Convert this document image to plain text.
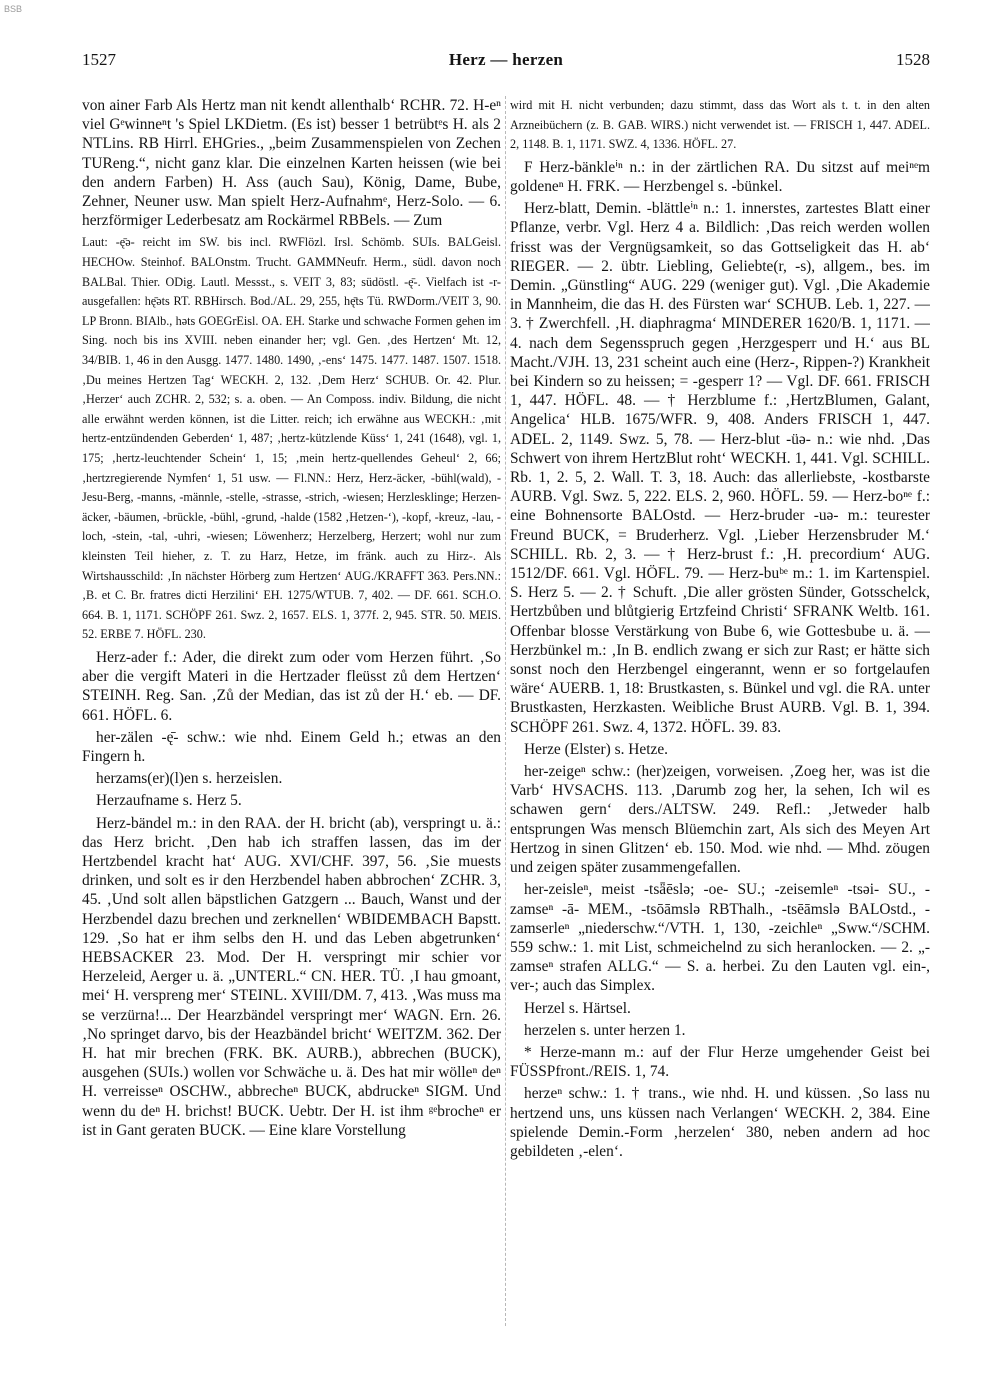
BSB
1527	Herz — herzen	1528

von ainer Farb Als Hertz man nit kendt allenthalb‘ RCHR. 72. H-eⁿ viel Gᵉwinneⁿt 's Spiel LKDietm. (Es ist) besser 1 betrübtᵉs H. als 2 NTLins. RB Hirrl. EHGries., „beim Zusammenspielen von Zechen TUReng.“, nicht ganz klar. Die einzelnen Karten heissen (wie bei den andern Farben) H. Ass (auch Sau), König, Dame, Bube, Zehner, Neuner usw. Man spielt Herz-Aufnahmᵉ, Herz-Solo. — 6. herzförmiger Lederbesatz am Rockärmel RBBels. — Zum

Laut: -ę̄ə- reicht im SW. bis incl. RWFlözl. Irsl. Schömb. SUIs. BALGeisl. HECHOw. Steinhof. BALOnstm. Trucht. GAMMNeufr. Herm., südl. davon noch BALBal. Thier. ODig. Lautl. Messst., s. VEIT 3, 83; südöstl. -ę̄-. Vielfach ist -r- ausgefallen: hę̄əts RT. RBHirsch. Bod./AL. 29, 255, hę̄ts Tü. RWDorm./VEIT 3, 90. LP Bronn. BIAlb., həts GOEGrEisl. OA. EH. Starke und schwache Formen gehen im Sing. noch bis ins XVIII. neben einander her; vgl. Gen. ‚des Hertzen‘ Mt. 12, 34/BIB. 1, 46 in den Ausgg. 1477. 1480. 1490, ‚-ens‘ 1475. 1477. 1487. 1507. 1518. ‚Du meines Hertzen Tag‘ WECKH. 2, 132. ‚Dem Herz‘ SCHUB. Or. 42. Plur. ‚Herzer‘ auch ZCHR. 2, 532; s. a. oben. — An Composs. indiv. Bildung, die nicht alle erwähnt werden können, ist die Litter. reich; ich erwähne aus WECKH.: ‚mit hertz-entzündenden Geberden‘ 1, 487; ‚hertz-kützlende Küss‘ 1, 241 (1648), vgl. 1, 175; ‚hertz-leuchtender Schein‘ 1, 15; ‚mein hertz-quellendes Geheul‘ 2, 66; ‚hertzregierende Nymfen‘ 1, 51 usw. — Fl.NN.: Herz, Herz-äcker, -bühl(wald), -Jesu-Berg, -manns, -männle, -stelle, -strasse, -strich, -wiesen; Herzlesklinge; Herzen-äcker, -bäumen, -brückle, -bühl, -grund, -halde (1582 ‚Hetzen-‘), -kopf, -kreuz, -lau, -loch, -stein, -tal, -uhri, -wiesen; Löwenherz; Herzelberg, Herzert; wohl nur zum kleinsten Teil hieher, z. T. zu Harz, Hetze, im fränk. auch zu Hirz-. Als Wirtshausschild: ‚In nächster Hörberg zum Hertzen‘ AUG./KRAFFT 363. Pers.NN.: ‚B. et C. Br. fratres dicti Herzilini‘ EH. 1275/WTUB. 7, 402. — DF. 661. SCH.O. 664. B. 1, 1171. SCHÖPF 261. Swz. 2, 1657. ELS. 1, 377f. 2, 945. STR. 50. MEIS. 52. ERBE 7. HÖFL. 230.

Herz-ader f.: Ader, die direkt zum oder vom Herzen führt. ‚So aber die vergift Materi in die Hertzader fleüsst zů dem Hertzen‘ STEINH. Reg. San. ‚Zů der Median, das ist zů der H.‘ eb. — DF. 661. HÖFL. 6.

her-zälen -ę̄- schw.: wie nhd. Einem Geld h.; etwas an den Fingern h.

herzams(er)(l)en s. herzeislen.

Herzaufname s. Herz 5.

Herz-bändel m.: in den RAA. der H. bricht (ab), verspringt u. ä.: das Herz bricht. ‚Den hab ich straffen lassen, das im der Hertzbendel kracht hat‘ AUG. XVI/CHF. 397, 56. ‚Sie muests drinken, und solt es ir den Herzbendel haben abbrochen‘ ZCHR. 3, 45. ‚Und solt allen bäpstlichen Gatzgern ... Bauch, Wanst und der Herzbendel dazu brechen und zerknellen‘ WBIDEMBACH Bapstt. 129. ‚So hat er ihm selbs den H. und das Leben abgetrunken‘ HEBSACKER 23. Mod. Der H. verspringt mir schier vor Herzeleid, Aerger u. ä. „UNTERL.“ CN. HER. TÜ. ‚I hau gmoant, mei‘ H. verspreng mer‘ STEINL. XVIII/DM. 7, 413. ‚Was muss ma se verzürna!... Der Hearzbändel verspringt mer‘ WAGN. Ern. 26. ‚No springet darvo, bis der Heazbändel bricht‘ WEITZM. 362. Der H. hat mir brechen (FRK. BK. AURB.), abbrechen (BUCK), ausgehen (SUIs.) wollen vor Schwäche u. ä. Des hat mir wölleⁿ deⁿ H. verreisseⁿ OSCHW., abbrecheⁿ BUCK, abdruckeⁿ SIGM. Und wenn du deⁿ H. brichst! BUCK. Uebtr. Der H. ist ihm ᵍᵉbrocheⁿ er ist in Gant geraten BUCK. — Eine klare Vorstellung

wird mit H. nicht verbunden; dazu stimmt, dass das Wort als t. t. in den alten Arzneibüchern (z. B. GAB. WIRS.) nicht verwendet ist. — FRISCH 1, 447. ADEL. 2, 1148. B. 1, 1171. SWZ. 4, 1336. HÖFL. 27.

F Herz-bänkleⁱⁿ n.: in der zärtlichen RA. Du sitzst auf meiⁿᵉm goldeneⁿ H. FRK. — Herzbengel s. -bünkel.

Herz-blatt, Demin. -blättleⁱⁿ n.: 1. innerstes, zartestes Blatt einer Pflanze, verbr. Vgl. Herz 4 a. Bildlich: ‚Das reich werden wollen frisst was der Vergnügsamkeit, so das Gottseligkeit das H. ab‘ RIEGER. — 2. übtr. Liebling, Geliebte(r, -s), allgem., bes. im Demin. „Günstling“ AUG. 229 (weniger gut). Vgl. ‚Die Akademie in Mannheim, die das H. des Fürsten war‘ SCHUB. Leb. 1, 227. — 3. † Zwerchfell. ‚H. diaphragma‘ MINDERER 1620/B. 1, 1171. — 4. nach dem Segensspruch gegen ‚Herzgesperr und H.‘ aus BL Macht./VJH. 13, 231 scheint auch eine (Herz-, Rippen-?) Krankheit bei Kindern so zu heissen; = -gesperr 1? — Vgl. DF. 661. FRISCH 1, 447. HÖFL. 48. — † Herzblume f.: ‚HertzBlumen, Galant, Angelica‘ HLB. 1675/WFR. 9, 408. Anders FRISCH 1, 447. ADEL. 2, 1149. Swz. 5, 78. — Herz-blut -üə- n.: wie nhd. ‚Das Schwert von ihrem HertzBlut roht‘ WECKH. 1, 441. Vgl. SCHILL. Rb. 1, 2. 5, 2. Wall. T. 3, 18. Auch: das allerliebste, -kostbarste AURB. Vgl. Swz. 5, 222. ELS. 2, 960. HÖFL. 59. — Herz-boⁿᵉ f.: eine Bohnensorte BALOstd. — Herz-bruder -uə- m.: teurester Freund BUCK, = Bruderherz. Vgl. ‚Lieber Herzensbruder M.‘ SCHILL. Rb. 2, 3. — † Herz-brust f.: ‚H. precordium‘ AUG. 1512/DF. 661. Vgl. HÖFL. 79. — Herz-buᵇᵉ m.: 1. im Kartenspiel. S. Herz 5. — 2. † Schuft. ‚Die aller grösten Sünder, Gotsschelck, Hertzbůben und blůtgierig Ertzfeind Christi‘ SFRANK Weltb. 161. Offenbar blosse Verstärkung von Bube 6, wie Gottesbube u. ä. — Herzbünkel m.: ‚In B. endlich zwang er sich zur Rast; er hätte sich sonst noch den Herzbengel eingerannt, wenn er so fortgelaufen wäre‘ AUERB. 1, 18: Brustkasten, s. Bünkel und vgl. die RA. unter Brustkasten, Herzkasten. Weibliche Brust AURB. Vgl. B. 1, 394. SCHÖPF 261. Swz. 4, 1372. HÖFL. 39. 83.

Herze (Elster) s. Hetze.

her-zeigeⁿ schw.: (her)zeigen, vorweisen. ‚Zoeg her, was ist die Varb‘ HVSACHS. 113. ‚Darumb zog her, la sehen, Ich wil es schawen gern‘ ders./ALTSW. 249. Refl.: ‚Jetweder halb entsprungen Was mensch Blüemchin zart, Als sich des Meyen Art Hertzog in sinen Glitzen‘ eb. 150. Mod. wie nhd. — Mhd. zöugen und zeigen später zusammengefallen.

her-zeisleⁿ, meist -tsǟēslə; -oe- SU.; -zeisemleⁿ -tsəi- SU., -zamseⁿ -ā- MEM., -tsōāmslə RBThalh., -tsēāmslə BALOstd., -zamserleⁿ „niederschw.“/VTH. 1, 130, -zeichleⁿ „Sww.“/SCHM. 559 schw.: 1. mit List, schmeichelnd zu sich heranlocken. — 2. „-zamseⁿ strafen ALLG.“ — S. a. herbei. Zu den Lauten vgl. ein-, ver-; auch das Simplex.

Herzel s. Härtsel.

herzelen s. unter herzen 1.

* Herze-mann m.: auf der Flur Herze umgehender Geist bei FÜSSPfront./REIS. 1, 74.

herzeⁿ schw.: 1. † trans., wie nhd. H. und küssen. ‚So lass nu hertzend uns, uns küssen nach Verlangen‘ WECKH. 2, 384. Eine spielende Demin.-Form ‚herzelen‘ 380, neben andern ad hoc gebildeten ‚-elen‘.
